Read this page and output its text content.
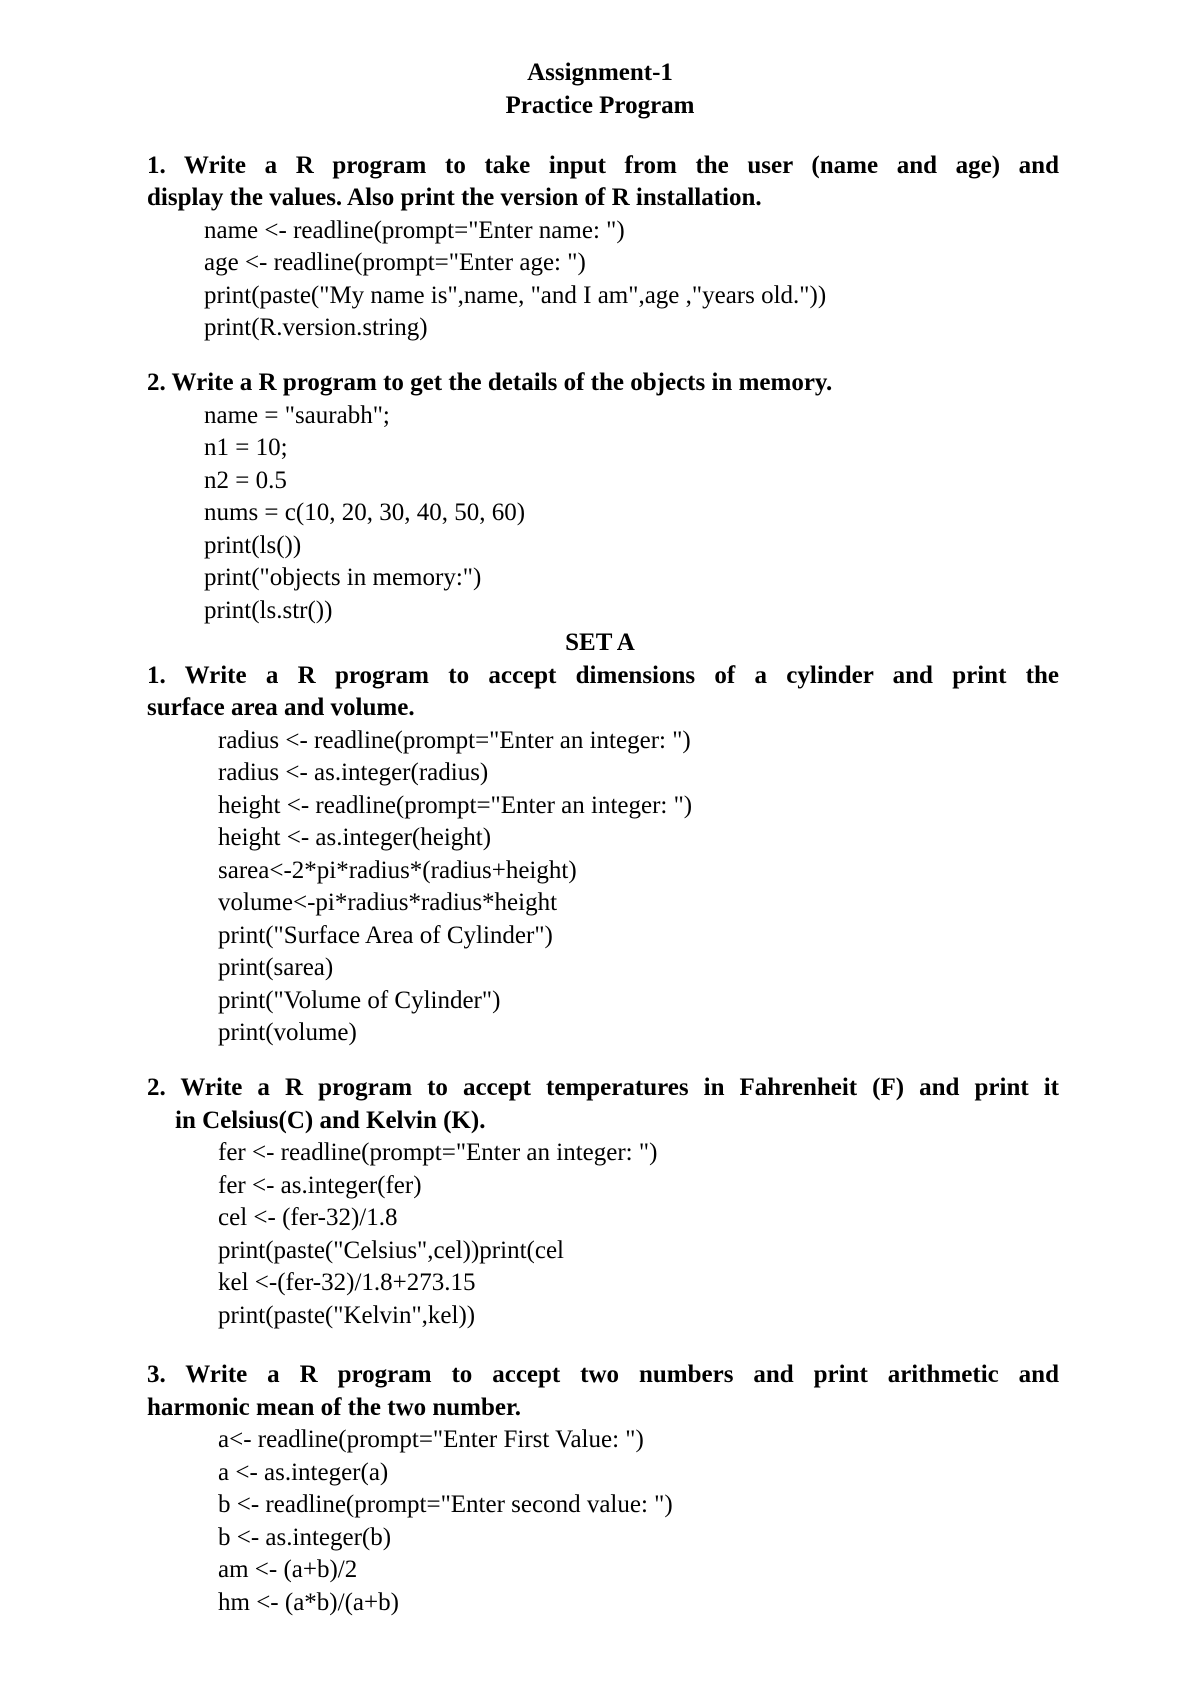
Assignment-1
Practice Program
1. Write a R program to take input from the user (name and age) and
display the values. Also print the version of R installation.
name <- readline(prompt="Enter name: ")
age <- readline(prompt="Enter age: ")
print(paste("My name is",name, "and I am",age ,"years old."))
print(R.version.string)
2. Write a R program to get the details of the objects in memory.
name = "saurabh";
n1 = 10;
n2 = 0.5
nums = c(10, 20, 30, 40, 50, 60)
print(ls())
print("objects in memory:")
print(ls.str())
SET A
1. Write a R program to accept dimensions of a cylinder and print the
surface area and volume.
radius <- readline(prompt="Enter an integer: ")
radius <- as.integer(radius)
height <- readline(prompt="Enter an integer: ")
height <- as.integer(height)
sarea<-2*pi*radius*(radius+height)
volume<-pi*radius*radius*height
print("Surface Area of Cylinder")
print(sarea)
print("Volume of Cylinder")
print(volume)
2. Write a R program to accept temperatures in Fahrenheit (F) and print it
in Celsius(C) and Kelvin (K).
fer <- readline(prompt="Enter an integer: ")
fer <- as.integer(fer)
cel <- (fer-32)/1.8
print(paste("Celsius",cel))print(cel
kel <-(fer-32)/1.8+273.15
print(paste("Kelvin",kel))
3. Write a R program to accept two numbers and print arithmetic and
harmonic mean of the two number.
a<- readline(prompt="Enter First Value: ")
a <- as.integer(a)
b <- readline(prompt="Enter second value: ")
b <- as.integer(b)
am <- (a+b)/2
hm <- (a*b)/(a+b)
